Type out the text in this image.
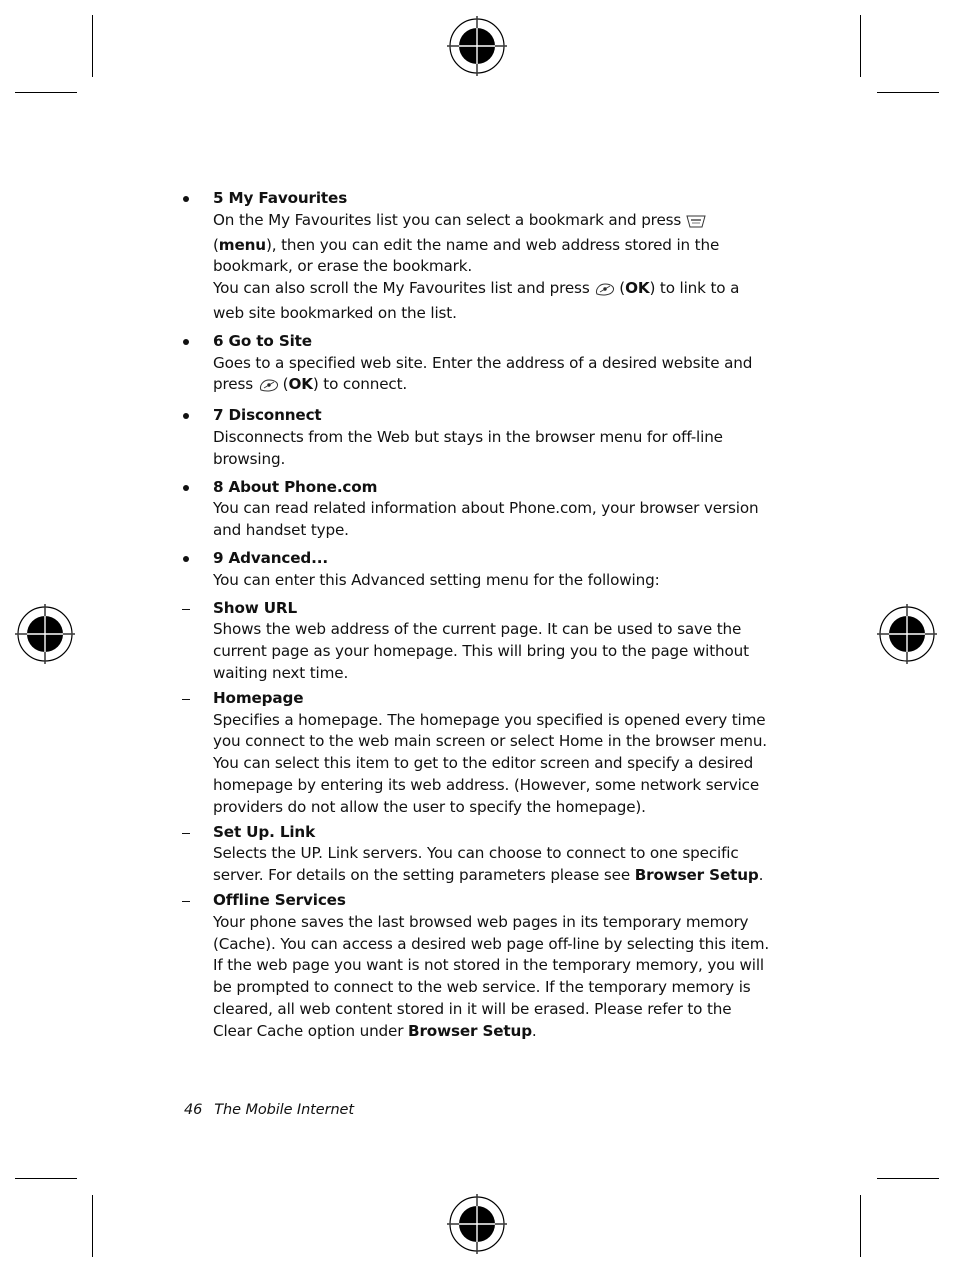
5 My Favourites
On the My Favourites list you can select a bookmark and press (menu), then you can edit the name and web address stored in the bookmark, or erase the bookmark.
You can also scroll the My Favourites list and press (OK) to link to a web site bookmarked on the list.
6 Go to Site
Goes to a specified web site. Enter the address of a desired website and press (OK) to connect.
7 Disconnect
Disconnects from the Web but stays in the browser menu for off-line browsing.
8 About Phone.com
You can read related information about Phone.com, your browser version and handset type.
9 Advanced...
You can enter this Advanced setting menu for the following:
Show URL
Shows the web address of the current page. It can be used to save the current page as your homepage. This will bring you to the page without waiting next time.
Homepage
Specifies a homepage. The homepage you specified is opened every time you connect to the web main screen or select Home in the browser menu. You can select this item to get to the editor screen and specify a desired homepage by entering its web address. (However, some network service providers do not allow the user to specify the homepage).
Set Up. Link
Selects the UP. Link servers. You can choose to connect to one specific server. For details on the setting parameters please see Browser Setup.
Offline Services
Your phone saves the last browsed web pages in its temporary memory (Cache). You can access a desired web page off-line by selecting this item.
If the web page you want is not stored in the temporary memory, you will be prompted to connect to the web service. If the temporary memory is cleared, all web content stored in it will be erased. Please refer to the Clear Cache option under Browser Setup.
46 The Mobile Internet
